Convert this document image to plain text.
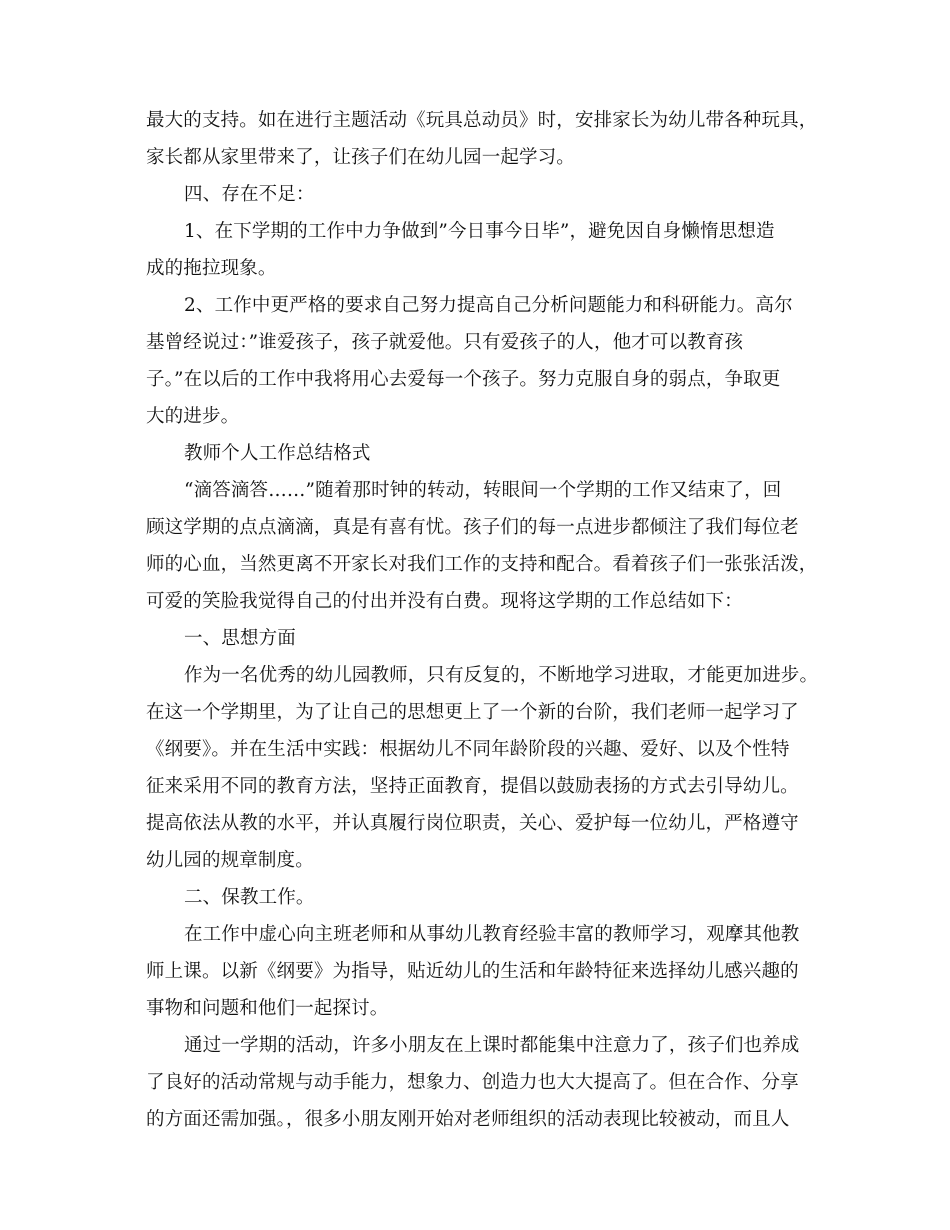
最大的支持。如在进行主题活动《玩具总动员》时，安排家长为幼儿带各种玩具，
家长都从家里带来了，让孩子们在幼儿园一起学习。
四、存在不足：
1、在下学期的工作中力争做到”今日事今日毕”，避免因自身懒惰思想造
成的拖拉现象。
2、工作中更严格的要求自己努力提高自己分析问题能力和科研能力。高尔
基曾经说过：”谁爱孩子，孩子就爱他。只有爱孩子的人，他才可以教育孩
子。”在以后的工作中我将用心去爱每一个孩子。努力克服自身的弱点，争取更
大的进步。
教师个人工作总结格式
“滴答滴答……”随着那时钟的转动，转眼间一个学期的工作又结束了，回
顾这学期的点点滴滴，真是有喜有忧。孩子们的每一点进步都倾注了我们每位老
师的心血，当然更离不开家长对我们工作的支持和配合。看着孩子们一张张活泼，
可爱的笑脸我觉得自己的付出并没有白费。现将这学期的工作总结如下：
一、思想方面
作为一名优秀的幼儿园教师，只有反复的，不断地学习进取，才能更加进步。
在这一个学期里，为了让自己的思想更上了一个新的台阶，我们老师一起学习了
《纲要》。并在生活中实践：根据幼儿不同年龄阶段的兴趣、爱好、以及个性特
征来采用不同的教育方法，坚持正面教育，提倡以鼓励表扬的方式去引导幼儿。
提高依法从教的水平，并认真履行岗位职责，关心、爱护每一位幼儿，严格遵守
幼儿园的规章制度。
二、保教工作。
在工作中虚心向主班老师和从事幼儿教育经验丰富的教师学习，观摩其他教
师上课。以新《纲要》为指导，贴近幼儿的生活和年龄特征来选择幼儿感兴趣的
事物和问题和他们一起探讨。
通过一学期的活动，许多小朋友在上课时都能集中注意力了，孩子们也养成
了良好的活动常规与动手能力，想象力、创造力也大大提高了。但在合作、分享
的方面还需加强。，很多小朋友刚开始对老师组织的活动表现比较被动，而且人
